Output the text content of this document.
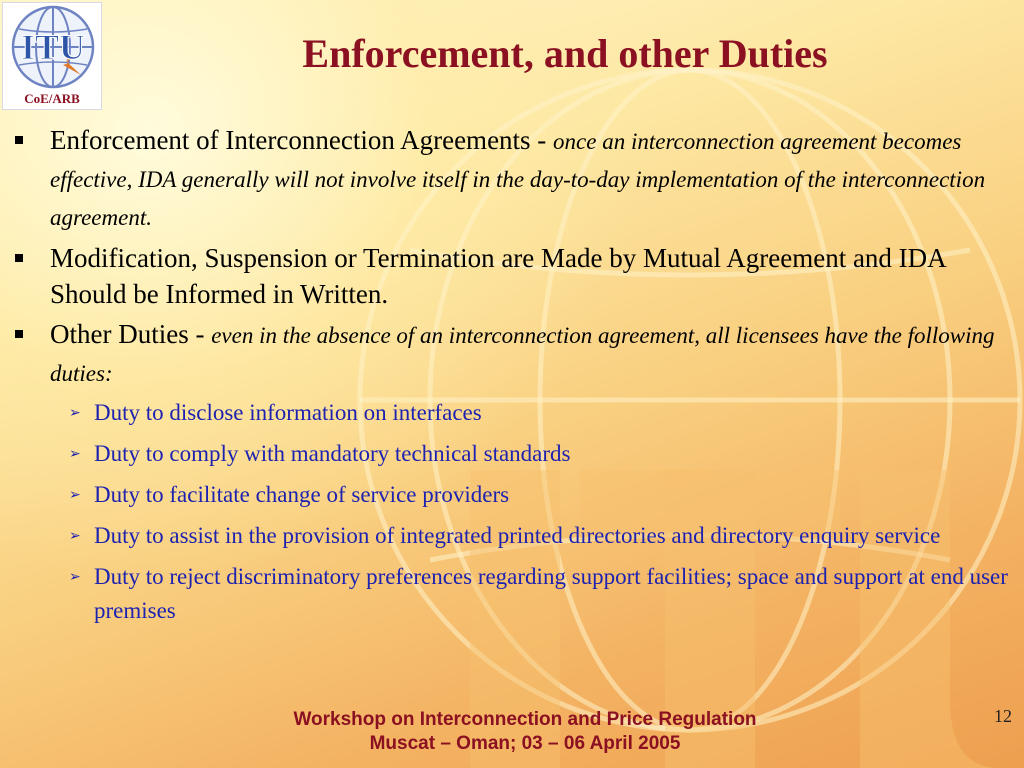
ITU
CoE/ARB
Enforcement, and other Duties
Enforcement of Interconnection Agreements - once an interconnection agreement becomes effective, IDA generally will not involve itself in the day-to-day implementation of the interconnection agreement.
Modification, Suspension or Termination are Made by Mutual Agreement and IDA Should be Informed in Written.
Other Duties - even in the absence of an interconnection agreement, all licensees have the following duties:
➢ Duty to disclose information on interfaces
➢ Duty to comply with mandatory technical standards
➢ Duty to facilitate change of service providers
➢ Duty to assist in the provision of integrated printed directories and directory enquiry service
➢ Duty to reject discriminatory preferences regarding support facilities; space and support at end user premises
Workshop on Interconnection and Price Regulation
Muscat – Oman; 03 – 06 April 2005
12
